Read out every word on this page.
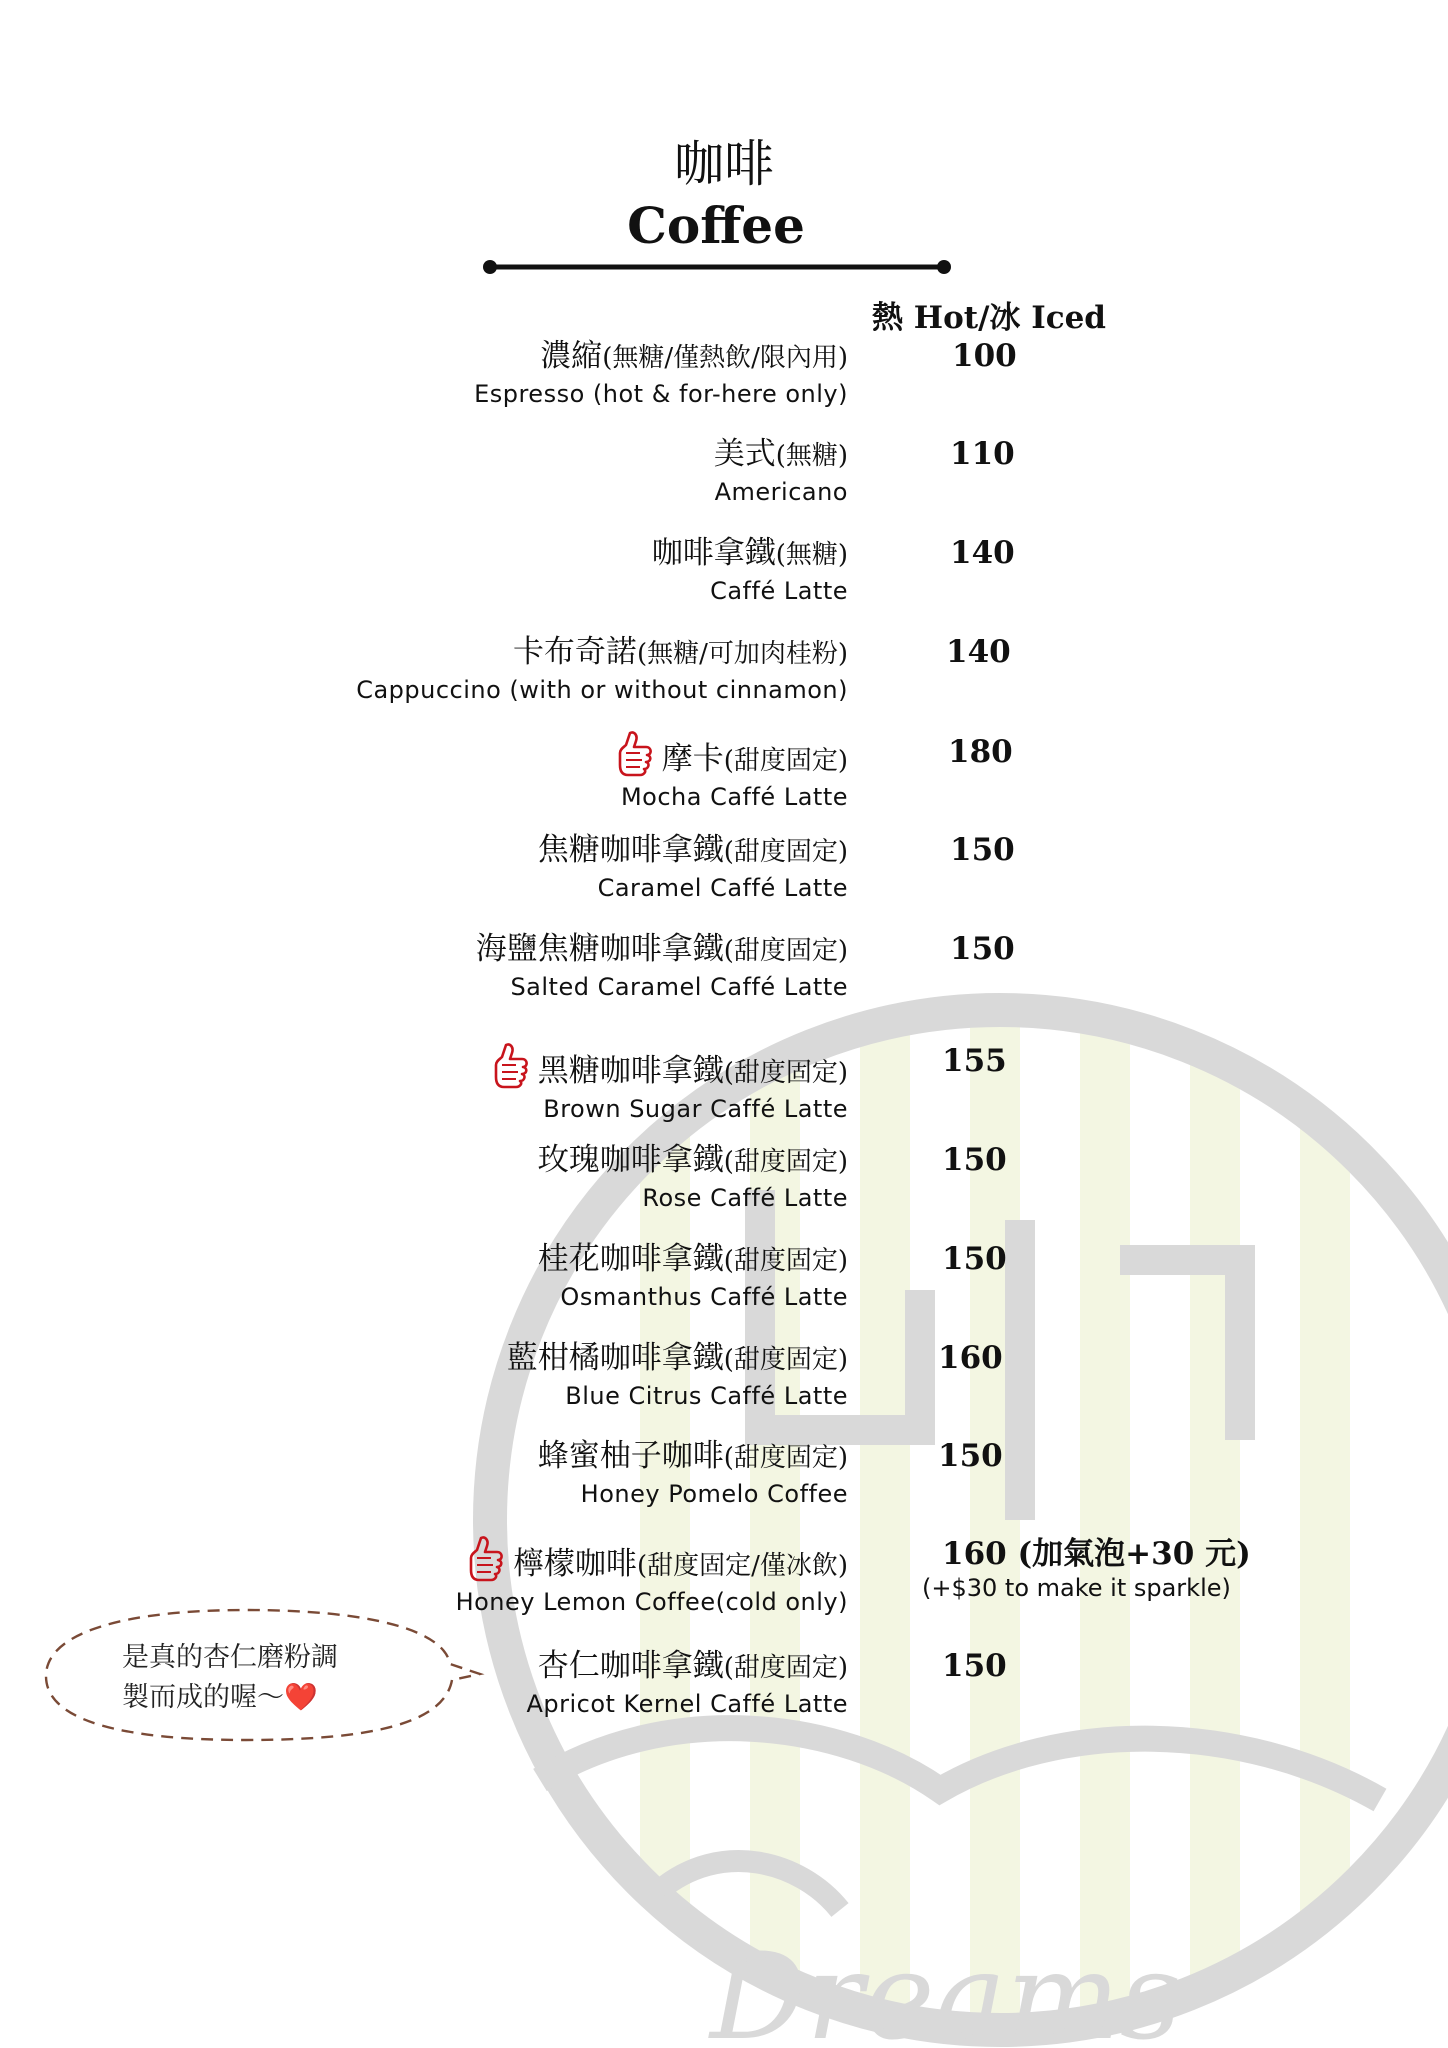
Dreams
咖啡
Coffee
熱 Hot/冰 Iced
濃縮(無糖/僅熱飲/限內用)
Espresso (hot & for-here only)
100
美式(無糖)
Americano
110
咖啡拿鐵(無糖)
Caffé Latte
140
卡布奇諾(無糖/可加肉桂粉)
Cappuccino (with or without cinnamon)
140
摩卡(甜度固定)
Mocha Caffé Latte
180
焦糖咖啡拿鐵(甜度固定)
Caramel Caffé Latte
150
海鹽焦糖咖啡拿鐵(甜度固定)
Salted Caramel Caffé Latte
150
黑糖咖啡拿鐵(甜度固定)
Brown Sugar Caffé Latte
155
玫瑰咖啡拿鐵(甜度固定)
Rose Caffé Latte
150
桂花咖啡拿鐵(甜度固定)
Osmanthus Caffé Latte
150
藍柑橘咖啡拿鐵(甜度固定)
Blue Citrus Caffé Latte
160
蜂蜜柚子咖啡(甜度固定)
Honey Pomelo Coffee
150
檸檬咖啡(甜度固定/僅冰飲)
Honey Lemon Coffee(cold only)
160 (加氣泡+30 元)
(+$30 to make it sparkle)
杏仁咖啡拿鐵(甜度固定)
Apricot Kernel Caffé Latte
150
是真的杏仁磨粉調
製而成的喔～❤️
